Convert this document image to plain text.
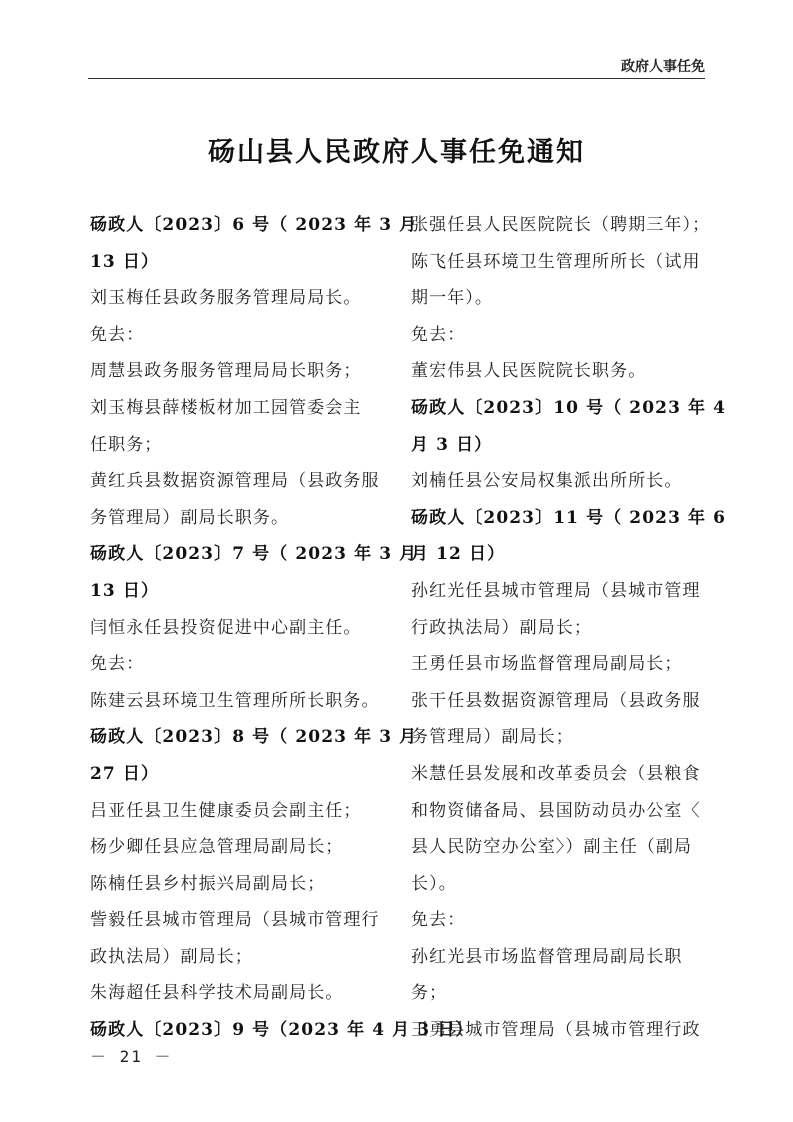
政府人事任免
砀山县人民政府人事任免通知
砀政人〔2023〕6 号（ 2023 年 3 月
13 日）
刘玉梅任县政务服务管理局局长。
免去：
周慧县政务服务管理局局长职务；
刘玉梅县薛楼板材加工园管委会主
任职务；
黄红兵县数据资源管理局（县政务服
务管理局）副局长职务。
砀政人〔2023〕7 号（ 2023 年 3 月
13 日）
闫恒永任县投资促进中心副主任。
免去：
陈建云县环境卫生管理所所长职务。
砀政人〔2023〕8 号（ 2023 年 3 月
27 日）
吕亚任县卫生健康委员会副主任；
杨少卿任县应急管理局副局长；
陈楠任县乡村振兴局副局长；
訾毅任县城市管理局（县城市管理行
政执法局）副局长；
朱海超任县科学技术局副局长。
砀政人〔2023〕9 号（2023 年 4 月 3 日）
张强任县人民医院院长（聘期三年）；
陈飞任县环境卫生管理所所长（试用
期一年）。
免去：
董宏伟县人民医院院长职务。
砀政人〔2023〕10 号（ 2023 年 4
月 3 日）
刘楠任县公安局权集派出所所长。
砀政人〔2023〕11 号（ 2023 年 6
月 12 日）
孙红光任县城市管理局（县城市管理
行政执法局）副局长；
王勇任县市场监督管理局副局长；
张干任县数据资源管理局（县政务服
务管理局）副局长；
米慧任县发展和改革委员会（县粮食
和物资储备局、县国防动员办公室〈
县人民防空办公室〉）副主任（副局
长）。
免去：
孙红光县市场监督管理局副局长职
务；
王勇县城市管理局（县城市管理行政
－ 21 －
